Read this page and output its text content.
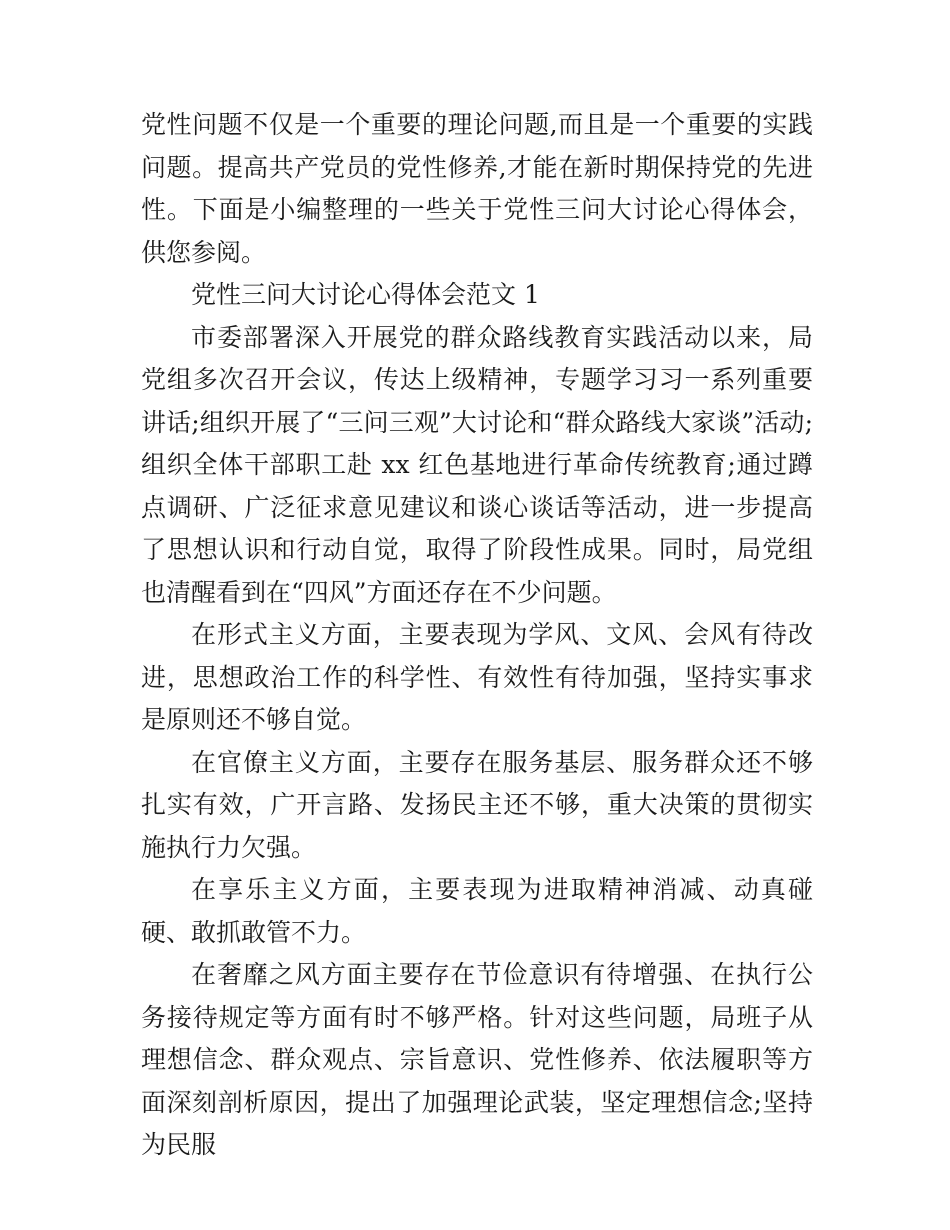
党性问题不仅是一个重要的理论问题,而且是一个重要的实践问题。提高共产党员的党性修养,才能在新时期保持党的先进性。下面是小编整理的一些关于党性三问大讨论心得体会，供您参阅。

党性三问大讨论心得体会范文 1

市委部署深入开展党的群众路线教育实践活动以来，局党组多次召开会议，传达上级精神，专题学习习一系列重要讲话;组织开展了“三问三观”大讨论和“群众路线大家谈”活动;组织全体干部职工赴 xx 红色基地进行革命传统教育;通过蹲点调研、广泛征求意见建议和谈心谈话等活动，进一步提高了思想认识和行动自觉，取得了阶段性成果。同时，局党组也清醒看到在“四风”方面还存在不少问题。

在形式主义方面，主要表现为学风、文风、会风有待改进，思想政治工作的科学性、有效性有待加强，坚持实事求是原则还不够自觉。

在官僚主义方面，主要存在服务基层、服务群众还不够扎实有效，广开言路、发扬民主还不够，重大决策的贯彻实施执行力欠强。

在享乐主义方面，主要表现为进取精神消减、动真碰硬、敢抓敢管不力。

在奢靡之风方面主要存在节俭意识有待增强、在执行公务接待规定等方面有时不够严格。针对这些问题，局班子从理想信念、群众观点、宗旨意识、党性修养、依法履职等方面深刻剖析原因，提出了加强理论武装，坚定理想信念;坚持为民服
